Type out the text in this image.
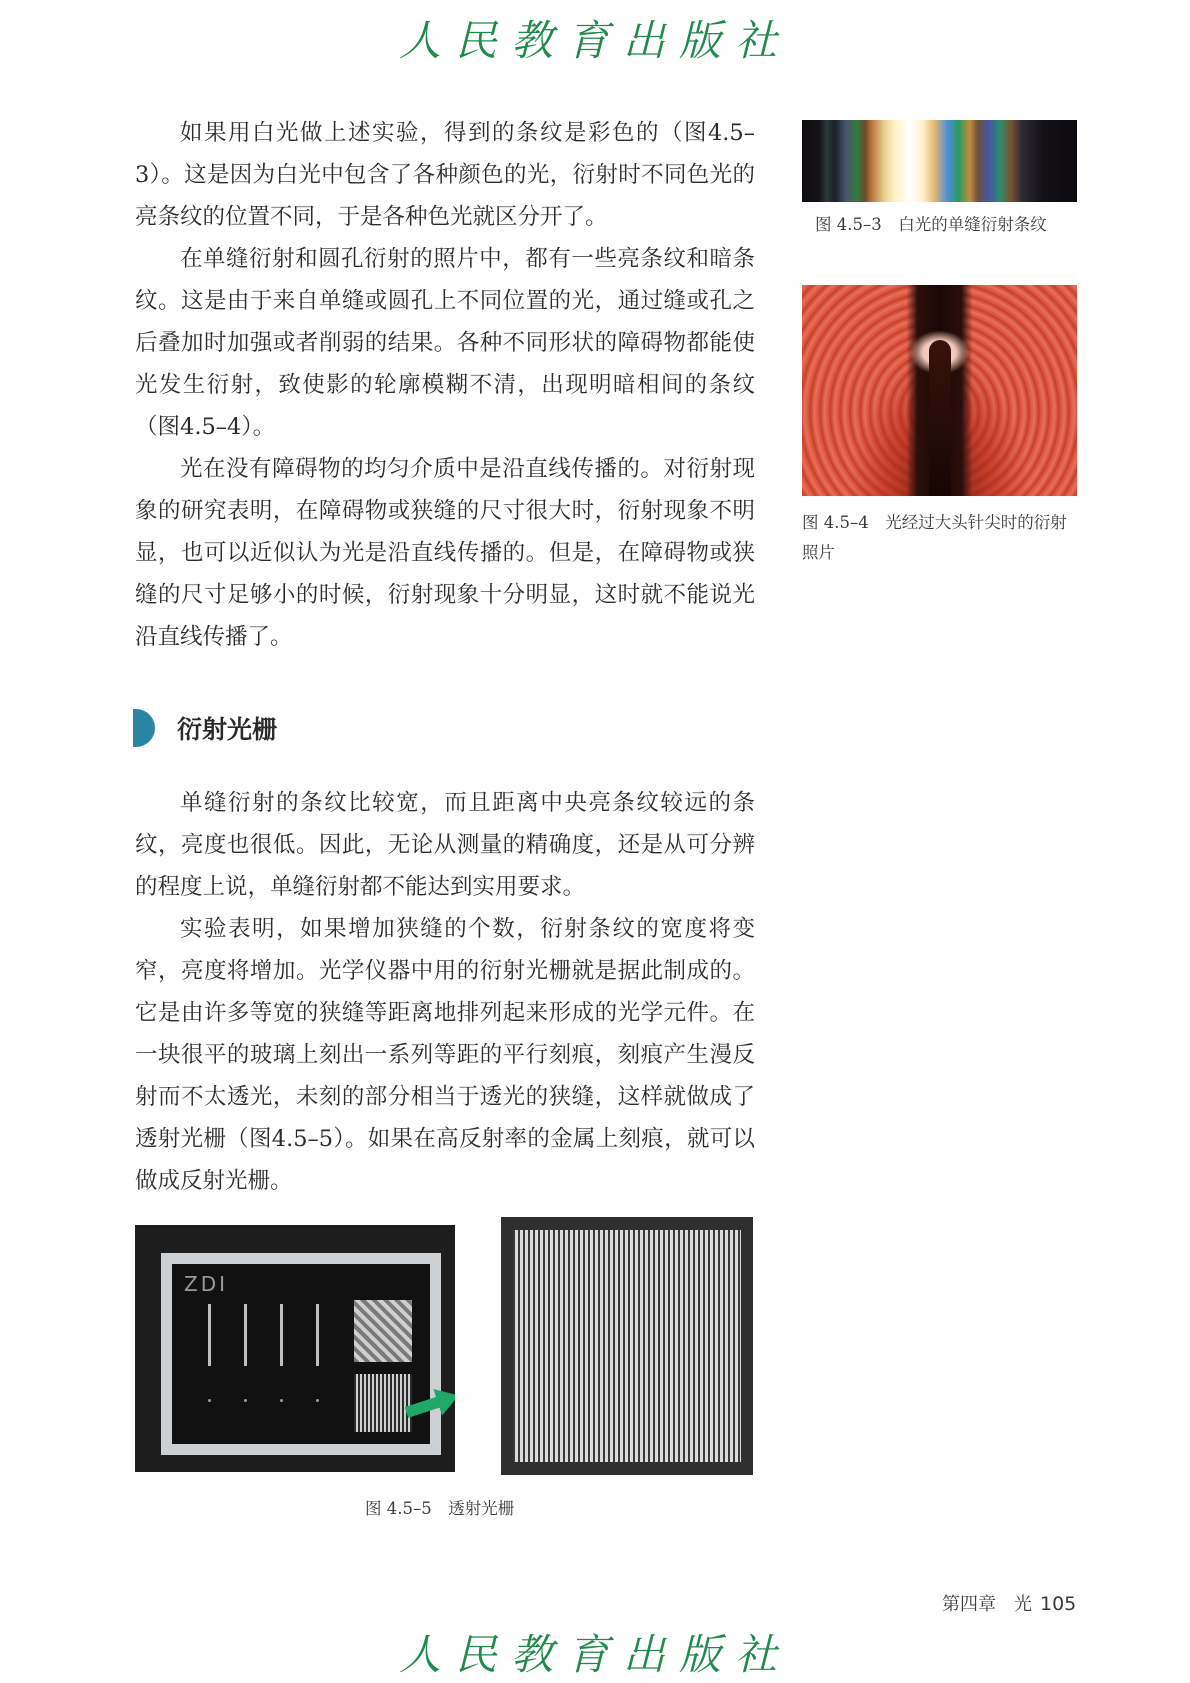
人民教育出版社

如果用白光做上述实验，得到的条纹是彩色的（图4.5–3）。这是因为白光中包含了各种颜色的光，衍射时不同色光的亮条纹的位置不同，于是各种色光就区分开了。

在单缝衍射和圆孔衍射的照片中，都有一些亮条纹和暗条纹。这是由于来自单缝或圆孔上不同位置的光，通过缝或孔之后叠加时加强或者削弱的结果。各种不同形状的障碍物都能使光发生衍射，致使影的轮廓模糊不清，出现明暗相间的条纹（图4.5–4）。

光在没有障碍物的均匀介质中是沿直线传播的。对衍射现象的研究表明，在障碍物或狭缝的尺寸很大时，衍射现象不明显，也可以近似认为光是沿直线传播的。但是，在障碍物或狭缝的尺寸足够小的时候，衍射现象十分明显，这时就不能说光沿直线传播了。

衍射光栅

单缝衍射的条纹比较宽，而且距离中央亮条纹较远的条纹，亮度也很低。因此，无论从测量的精确度，还是从可分辨的程度上说，单缝衍射都不能达到实用要求。

实验表明，如果增加狭缝的个数，衍射条纹的宽度将变窄，亮度将增加。光学仪器中用的衍射光栅就是据此制成的。它是由许多等宽的狭缝等距离地排列起来形成的光学元件。在一块很平的玻璃上刻出一系列等距的平行刻痕，刻痕产生漫反射而不太透光，未刻的部分相当于透光的狭缝，这样就做成了透射光栅（图4.5–5）。如果在高反射率的金属上刻痕，就可以做成反射光栅。

图 4.5–3　白光的单缝衍射条纹
图 4.5–4　光经过大头针尖时的衍射照片
ZDI
图 4.5–5　透射光栅
第四章　光 105
人民教育出版社
